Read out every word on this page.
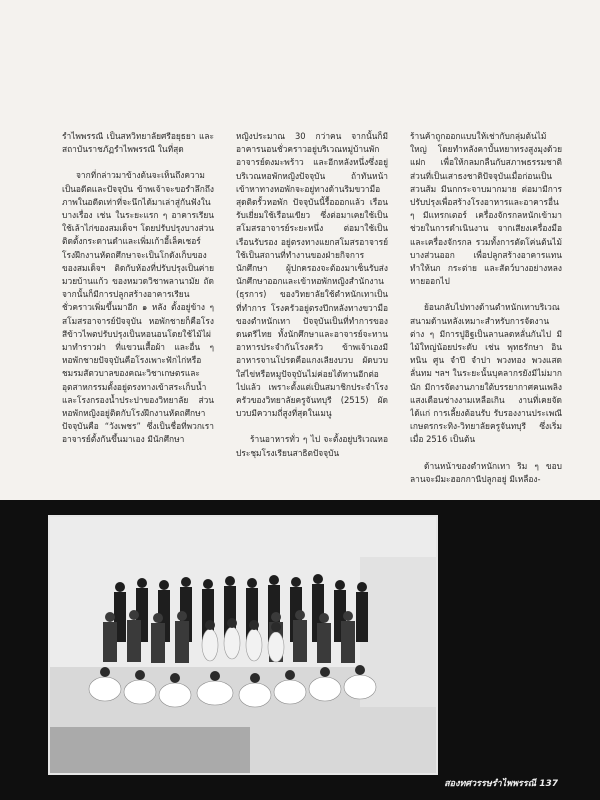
รำไพพรรณี เป็นสหวิทยาลัยศรีอยุธยา และสถาบันราชภัฏรำไพพรรณี ในที่สุด

จากที่กล่าวมาข้างต้นจะเห็นถึงความเป็นอดีตและปัจจุบัน ข้าพเจ้าจะขอรำลึกถึงภาพในอดีตเท่าที่จะนึกได้มาเล่าสู่กันฟังในบางเรื่อง เช่น ในระยะแรก ๆ อาคารเรียนใช้เล้าไก่ของสมเด็จฯ โดยปรับปรุงบางส่วน ติดตั้งกระดานดำและเพิ่มเก้าอี้เล็คเชอร์ โรงฝึกงานหัตถศึกษาจะเป็นโกดังเก็บของของสมเด็จฯ ติดกับห้องที่ปรับปรุงเป็นค่ายมวยบ้านแก้ว ของหมวดวิชาพลานามัย ถัดจากนั้นก็มีการปลูกสร้างอาคารเรียนชั่วคราวเพิ่มขึ้นมาอีก ๑ หลัง ตั้งอยู่ข้าง ๆ สโมสรอาจารย์ปัจจุบัน หอพักชายก็คือโรงสีข้าวไพตปรับปรุงเป็นหอนอนโดยใช้ไม้ไผ่มาทำราวฝา ที่แขวนเสื้อผ้า และอื่น ๆ หอพักชายปัจจุบันคือโรงเพาะฟักไก่หรือชมรมสัตวบาลของคณะวิชาเกษตรและอุตสาหกรรมตั้งอยู่ตรงทางเข้าสระเก็บน้ำและโรงกรองน้ำประปาของวิทยาลัย ส่วนหอพักหญิงอยู่ติดกับโรงฝึกงานหัตถศึกษาปัจจุบันคือ “วังเพชร” ซึ่งเป็นชื่อที่พวกเราอาจารย์ตั้งกันขึ้นมาเอง มีนักศึกษา

หญิงประมาณ 30 กว่าคน จากนั้นก็มีอาคารนอนชั่วคราวอยู่บริเวณหมู่บ้านพักอาจารย์ดงมะพร้าว และอีกหลังหนึ่งซึ่งอยู่บริเวณหอพักหญิงปัจจุบัน ถ้าทันหน้าเข้าหาทางหอพักจะอยู่ทางด้านริมขวามือสุดติดรั้วหอพัก ปัจจุบันนี้รื้อออกแล้ว เรือนรับเยี่ยมใช้เรือนเขียว ซึ่งต่อมาเคยใช้เป็นสโมสรอาจารย์ระยะหนึ่ง ต่อมาใช้เป็นเรือนรับรอง อยู่ตรงทางแยกสโมสรอาจารย์ใช้เป็นสถานที่ทำงานของฝ่ายกิจการนักศึกษา ผู้ปกครองจะต้องมาเซ็นรับส่งนักศึกษาออกและเข้าหอพักหญิงสำนักงาน (ธุรการ) ของวิทยาลัยใช้ตำหนักเทาเป็นที่ทำการ โรงครัวอยู่ตรงปีกหลังทางขวามือของตำหนักเทา ปัจจุบันเป็นที่ทำการของดนตรีไทย ทั้งนักศึกษาและอาจารย์จะทานอาหารประจำกันโรงครัว ข้าพเจ้าเองมีอาหารจานโปรดคือแกงเลียงบวบ ผัดบวบใส่ไข่หรือหมูปัจจุบันไม่ค่อยได้ทานอีกต่อไปแล้ว เพราะตั้งแต่เป็นสมาชิกประจำโรงครัวของวิทยาลัยครูจันทบุรี (2515) ผัดบวบมีความถี่สูงที่สุดในเมนู

ร้านอาหารทั่ว ๆ ไป จะตั้งอยู่บริเวณหอประชุมโรงเรียนสาธิตปัจจุบัน

ร้านค้าถูกออกแบบให้เช่ากับกลุ่มต้นไม้ใหญ่ โดยทำหลังคาบั้นหยาทรงสูงมุงด้วยแฝก เพื่อให้กลมกลืนกับสภาพธรรมชาติ ส่วนที่เป็นเสาธงชาติปัจจุบันเมื่อก่อนเป็นสวนส้ม มีนกกระจาบมากมาย ต่อมามีการปรับปรุงเพื่อสร้างโรงอาหารและอาคารอื่น ๆ มีแทรกเตอร์ เครื่องจักรกลหนักเข้ามาช่วยในการดำเนินงาน จากเสียงเครื่องมือและเครื่องจักรกล รวมทั้งการตัดโค่นต้นไม้บางส่วนออก เพื่อปลูกสร้างอาคารแทน ทำให้นก กระต่าย และสัตว์บางอย่างหลงหายออกไป

ย้อนกลับไปทางด้านตำหนักเทาบริเวณสนามด้านหลังเหมาะสำหรับการจัดงานต่าง ๆ มีการปูอิฐเป็นลานลดหลั่นกันไป มีไม้ใหญ่น้อยประดับ เช่น พุทธรักษา อินทนิน ศูน จำปี จำปา พวงทอง พวงแสด ลั่นทม ฯลฯ ในระยะนั้นบุคลากรยังมีไม่มากนัก มีการจัดงานภายใต้บรรยากาศคนเพลิง แสงเดือนช่างงามเหลือเกิน งานที่เคยจัด ได้แก่ การเลี้ยงต้อนรับ รับรองงานประเพณีเกษตรกระทิง-วิทยาลัยครูจันทบุรี ซึ่งเริ่มเมื่อ 2516 เป็นต้น

ด้านหน้าของตำหนักเทา ริม ๆ ขอบลานจะมีมะฮอกกานีปลูกอยู่ มีเหลือง-

สองทศวรรษรำไพพรรณี 137
